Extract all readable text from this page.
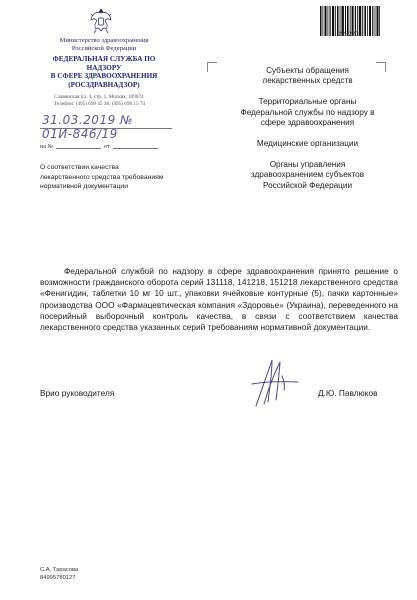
Министерство здравоохранения
Российской Федерации
ФЕДЕРАЛЬНАЯ СЛУЖБА ПО НАДЗОРУ
В СФЕРЕ ЗДРАВООХРАНЕНИЯ
(РОСЗДРАВНАДЗОР)
Славянская пл. 4, стр. 1, Москва, 109074
Телефон: (495) 698 45 38; (495) 698 15 74
31.03.2019 № 01И-846/19
на №	от
О соответствии качества
лекарственного средства требованиям
нормативной документации
2282208
Субъекты обращения
лекарственных средств
Территориальные органы
Федеральной службы по надзору в
сфере здравоохранения
Медицинские организации
Органы управления
здравоохранением субъектов
Российской Федерации
Федеральной службой по надзору в сфере здравоохранения принято решение о возможности гражданского оборота серий 131118, 141218, 151218 лекарственного средства «Фенигидин, таблетки 10 мг 10 шт., упаковки ячейковые контурные (5), пачки картонные» производства ООО «Фармацевтическая компания «Здоровье» (Украина), переведенного на посерийный выборочный контроль качества, в связи с соответствием качества лекарственного средства указанных серий требованиям нормативной документации.
Врио руководителя	Д.Ю. Павлюков
С.А. Тарасова
84995780127
